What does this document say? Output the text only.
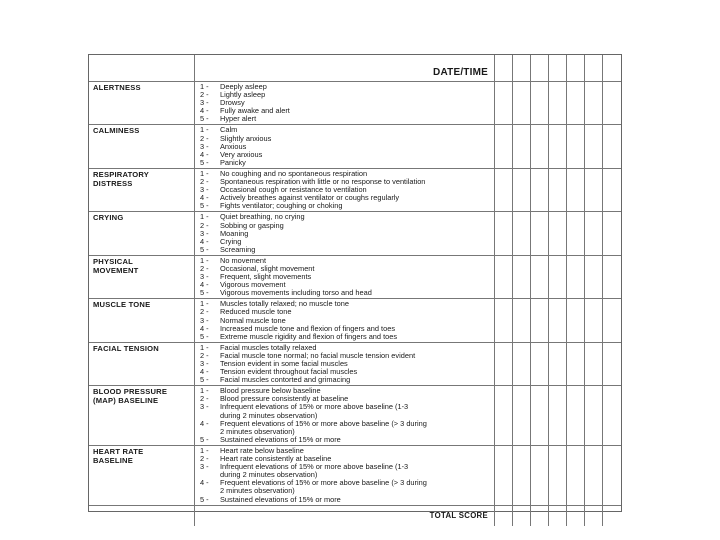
DATE/TIME
ALERTNESS	1 -	Deeply asleep
2 -	Lightly asleep
3 -	Drowsy
4 -	Fully awake and alert
5 -	Hyper alert
CALMINESS	1 -	Calm
2 -	Slightly anxious
3 -	Anxious
4 -	Very anxious
5 -	Panicky
RESPIRATORY
DISTRESS
1 -	No coughing and no spontaneous respiration
2 -	Spontaneous respiration with little or no response to ventilation
3 -	Occasional cough or resistance to ventilation
4 -	Actively breathes against ventilator or coughs regularly
5 -	Fights ventilator; coughing or choking
CRYING	1 -	Quiet breathing, no crying
2 -	Sobbing or gasping
3 -	Moaning
4 -	Crying
5 -	Screaming
PHYSICAL
MOVEMENT
1 -	No movement
2 -	Occasional, slight movement
3 -	Frequent, slight movements
4 -	Vigorous movement
5 -	Vigorous movements including torso and head
MUSCLE TONE	1 -	Muscles totally relaxed; no muscle tone
2 -	Reduced muscle tone
3 -	Normal muscle tone
4 -	Increased muscle tone and flexion of fingers and toes
5 -	Extreme muscle rigidity and flexion of fingers and toes
FACIAL TENSION	1 -	Facial muscles totally relaxed
2 -	Facial muscle tone normal; no facial muscle tension evident
3 -	Tension evident in some facial muscles
4 -	Tension evident throughout facial muscles
5 -	Facial muscles contorted and grimacing
BLOOD PRESSURE
(MAP) BASELINE
1 -	Blood pressure below baseline
2 -	Blood pressure consistently at baseline
3 -	Infrequent elevations of 15% or more above baseline (1-3
during 2 minutes observation)
4 -	Frequent elevations of 15% or more above baseline (> 3 during
2 minutes observation)
5 -	Sustained elevations of 15% or more
HEART RATE
BASELINE
1 -	Heart rate below baseline
2 -	Heart rate consistently at baseline
3 -	Infrequent elevations of 15% or more above baseline (1-3
during 2 minutes observation)
4 -	Frequent elevations of 15% or more above baseline (> 3 during
2 minutes observation)
5 -	Sustained elevations of 15% or more
TOTAL SCORE
